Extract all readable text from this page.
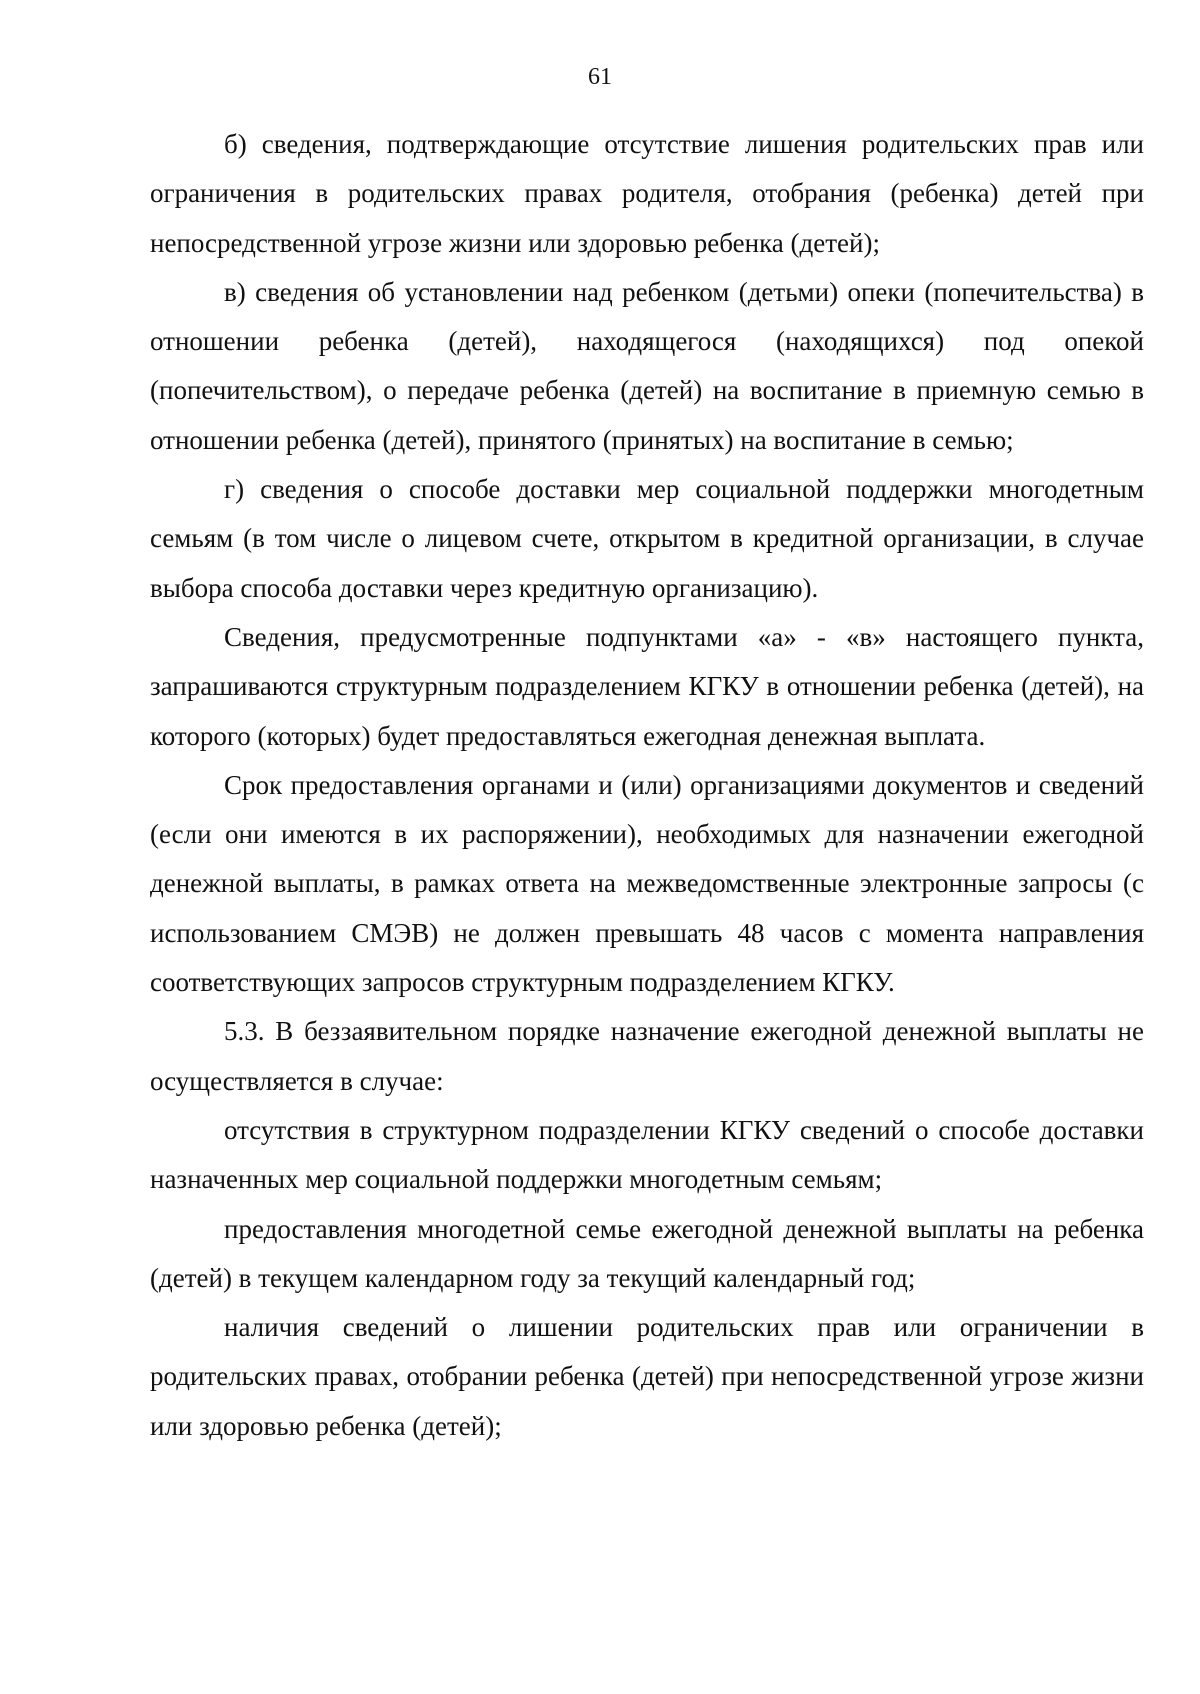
61

б) сведения, подтверждающие отсутствие лишения родительских прав или ограничения в родительских правах родителя, отобрания (ребенка) детей при непосредственной угрозе жизни или здоровью ребенка (детей);

в) сведения об установлении над ребенком (детьми) опеки (попечительства) в отношении ребенка (детей), находящегося (находящихся) под опекой (попечительством), о передаче ребенка (детей) на воспитание в приемную семью в отношении ребенка (детей), принятого (принятых) на воспитание в семью;

г) сведения о способе доставки мер социальной поддержки многодетным семьям (в том числе о лицевом счете, открытом в кредитной организации, в случае выбора способа доставки через кредитную организацию).

Сведения, предусмотренные подпунктами «а» - «в» настоящего пункта, запрашиваются структурным подразделением КГКУ в отношении ребенка (детей), на которого (которых) будет предоставляться ежегодная денежная выплата.

Срок предоставления органами и (или) организациями документов и сведений (если они имеются в их распоряжении), необходимых для назначении ежегодной денежной выплаты, в рамках ответа на межведомственные электронные запросы (с использованием СМЭВ) не должен превышать 48 часов с момента направления соответствующих запросов структурным подразделением КГКУ.

5.3. В беззаявительном порядке назначение ежегодной денежной выплаты не осуществляется в случае:

отсутствия в структурном подразделении КГКУ сведений о способе доставки назначенных мер социальной поддержки многодетным семьям;

предоставления многодетной семье ежегодной денежной выплаты на ребенка (детей) в текущем календарном году за текущий календарный год;

наличия сведений о лишении родительских прав или ограничении в родительских правах, отобрании ребенка (детей) при непосредственной угрозе жизни или здоровью ребенка (детей);
